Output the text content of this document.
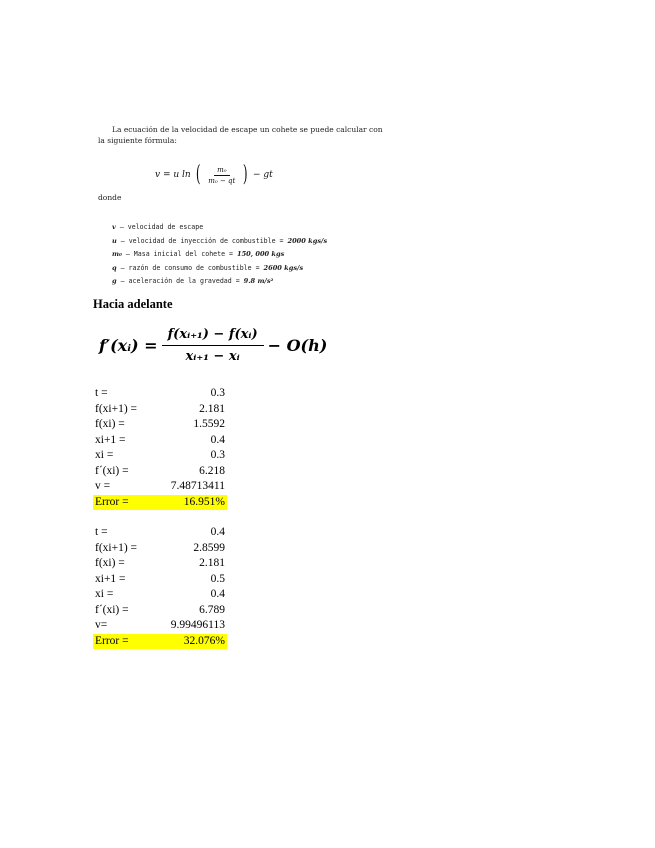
La ecuación de la velocidad de escape un cohete se puede calcular con la siguiente fórmula:

v = u ln ( $\frac{\text{m₀}}{\text{m₀ − qt}}$ ) − gt
donde
v – velocidad de escape
u – velocidad de inyección de combustible = 2000 kgs/s
m₀ – Masa inicial del cohete = 150, 000 kgs
q – razón de consumo de combustible = 2600 kgs/s
g – aceleración de la gravedad = 9.8 m/s²
Hacia adelante
f′(xᵢ) = $\frac{\text{f(xᵢ₊₁) − f(xᵢ)}}{\text{xᵢ₊₁ − xᵢ}} - O(h)$
t =	0.3
f(xi+1) =	2.181
f(xi) =	1.5592
xi+1 =	0.4
xi =	0.3
f´(xi) =	6.218
v =	7.48713411
Error =	16.951%
t =	0.4
f(xi+1) =	2.8599
f(xi) =	2.181
xi+1 =	0.5
xi =	0.4
f´(xi) =	6.789
v=	9.99496113
Error =	32.076%
